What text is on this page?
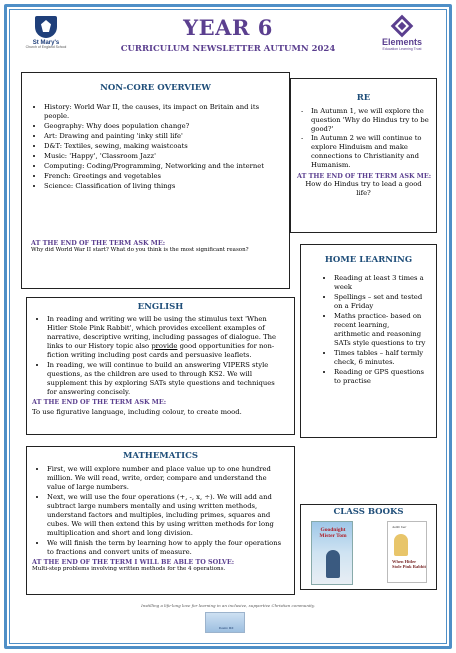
St Mary's
Church of England School	Elements
Education Learning Trust
YEAR 6
CURRICULUM NEWSLETTER AUTUMN 2024
NON-CORE OVERVIEW
• History: World War II, the causes, its impact on Britain and its people.
• Geography: Why does population change?
• Art: Drawing and painting 'inky still life'
• D&T: Textiles, sewing, making waistcoats
• Music: 'Happy', 'Classroom Jazz'
• Computing: Coding/Programming, Networking and the internet
• French: Greetings and vegetables
• Science: Classification of living things
AT THE END OF THE TERM ASK ME:
Why did World War II start? What do you think is the most significant reason?
RE
- In Autumn 1, we will explore the question 'Why do Hindus try to be good?'
- In Autumn 2 we will continue to explore Hinduism and make connections to Christianity and Humanism.
AT THE END OF THE TERM ASK ME:
How do Hindus try to lead a good life?
HOME LEARNING
• Reading at least 3 times a week
• Spellings – set and tested on a Friday
• Maths practice- based on recent learning, arithmetic and reasoning SATs style questions to try
• Times tables – half termly check, 6 minutes.
• Reading or GPS questions to practise
ENGLISH
• In reading and writing we will be using the stimulus text 'When Hitler Stole Pink Rabbit', which provides excellent examples of narrative, descriptive writing, including passages of dialogue. The links to our History topic also provide good opportunities for non-fiction writing including post cards and persuasive leaflets.
• In reading, we will continue to build an answering VIPERS style questions, as the children are used to through KS2. We will supplement this by exploring SATs style questions and techniques for answering concisely.
AT THE END OF THE TERM ASK ME:
To use figurative language, including colour, to create mood.
MATHEMATICS
• First, we will explore number and place value up to one hundred million. We will read, write, order, compare and understand the value of large numbers.
• Next, we will use the four operations (+, -, x, ÷). We will add and subtract large numbers mentally and using written methods, understand factors and multiples, including primes, squares and cubes. We will then extend this by using written methods for long multiplication and short and long division.
• We will finish the term by learning how to apply the four operations to fractions and convert units of measure.
AT THE END OF THE TERM I WILL BE ABLE TO SOLVE:
Multi-step problems involving written methods for the 4 operations.
CLASS BOOKS
Goodnight Mister Tom
Judith Kerr
When Hitler Stole Pink Rabbit
Instilling a life-long love for learning in an inclusive, supportive Christian community.
Ruskin Mill
